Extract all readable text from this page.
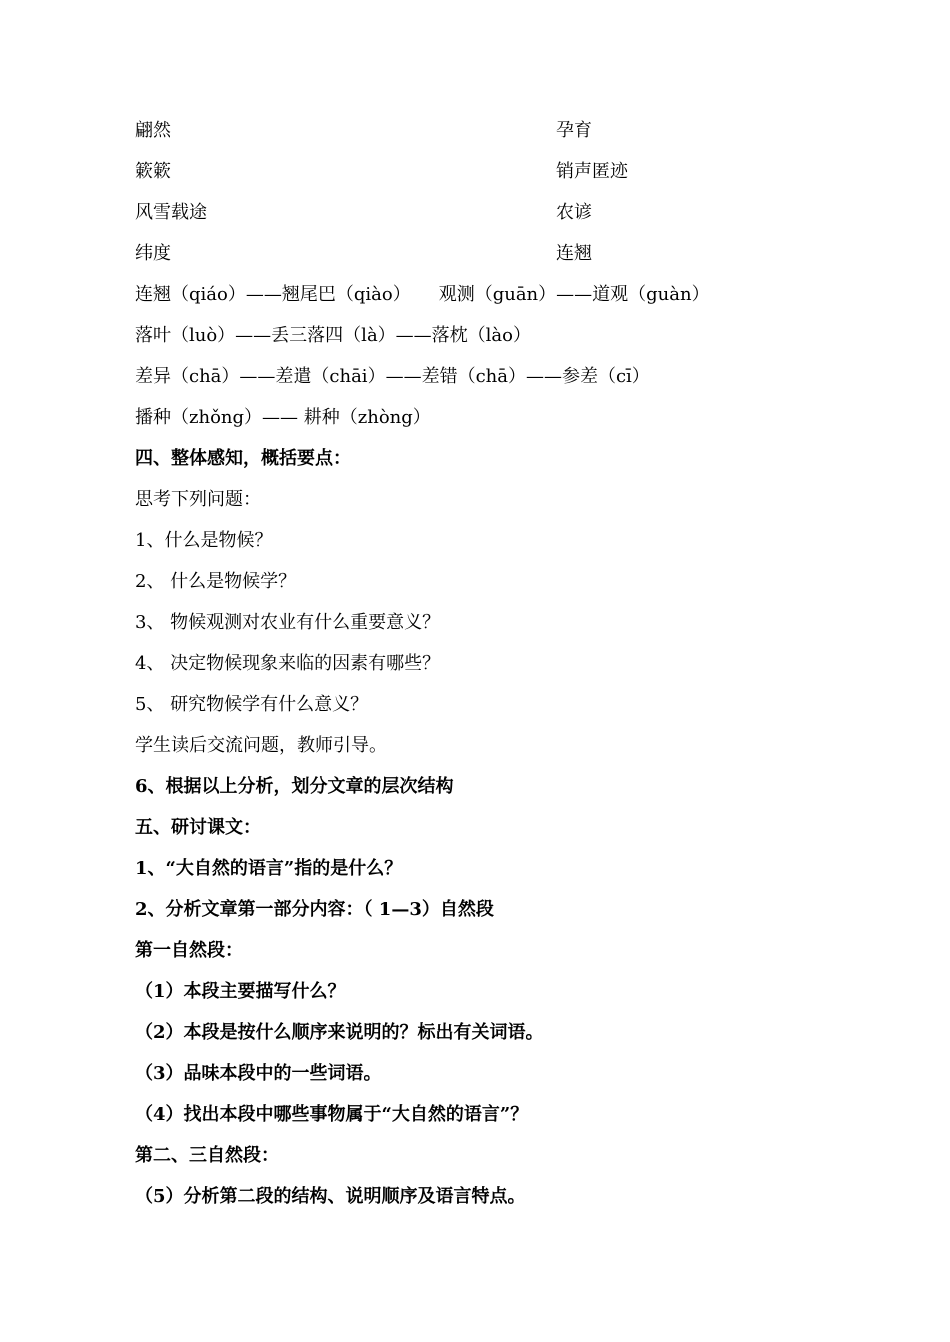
翩然	孕育
簌簌	销声匿迹
风雪载途	农谚
纬度	连翘
连翘（qiáo）——翘尾巴（qiào） 观测（guān）——道观（guàn）
落叶（luò）——丢三落四（là）——落枕（lào）
差异（chā）——差遣（chāi）——差错（chā）——参差（cī）
播种（zhǒng）—— 耕种（zhòng）
四、整体感知，概括要点：
思考下列问题：
1、什么是物候？
2、 什么是物候学？
3、 物候观测对农业有什么重要意义？
4、 决定物候现象来临的因素有哪些？
5、 研究物候学有什么意义？
学生读后交流问题，教师引导。
6、根据以上分析，划分文章的层次结构
五、研讨课文：
1、“大自然的语言”指的是什么？
2、分析文章第一部分内容：（ 1—3）自然段
第一自然段：
（1）本段主要描写什么？
（2）本段是按什么顺序来说明的？标出有关词语。
（3）品味本段中的一些词语。
（4）找出本段中哪些事物属于“大自然的语言”？
第二、三自然段：
（5）分析第二段的结构、说明顺序及语言特点。
